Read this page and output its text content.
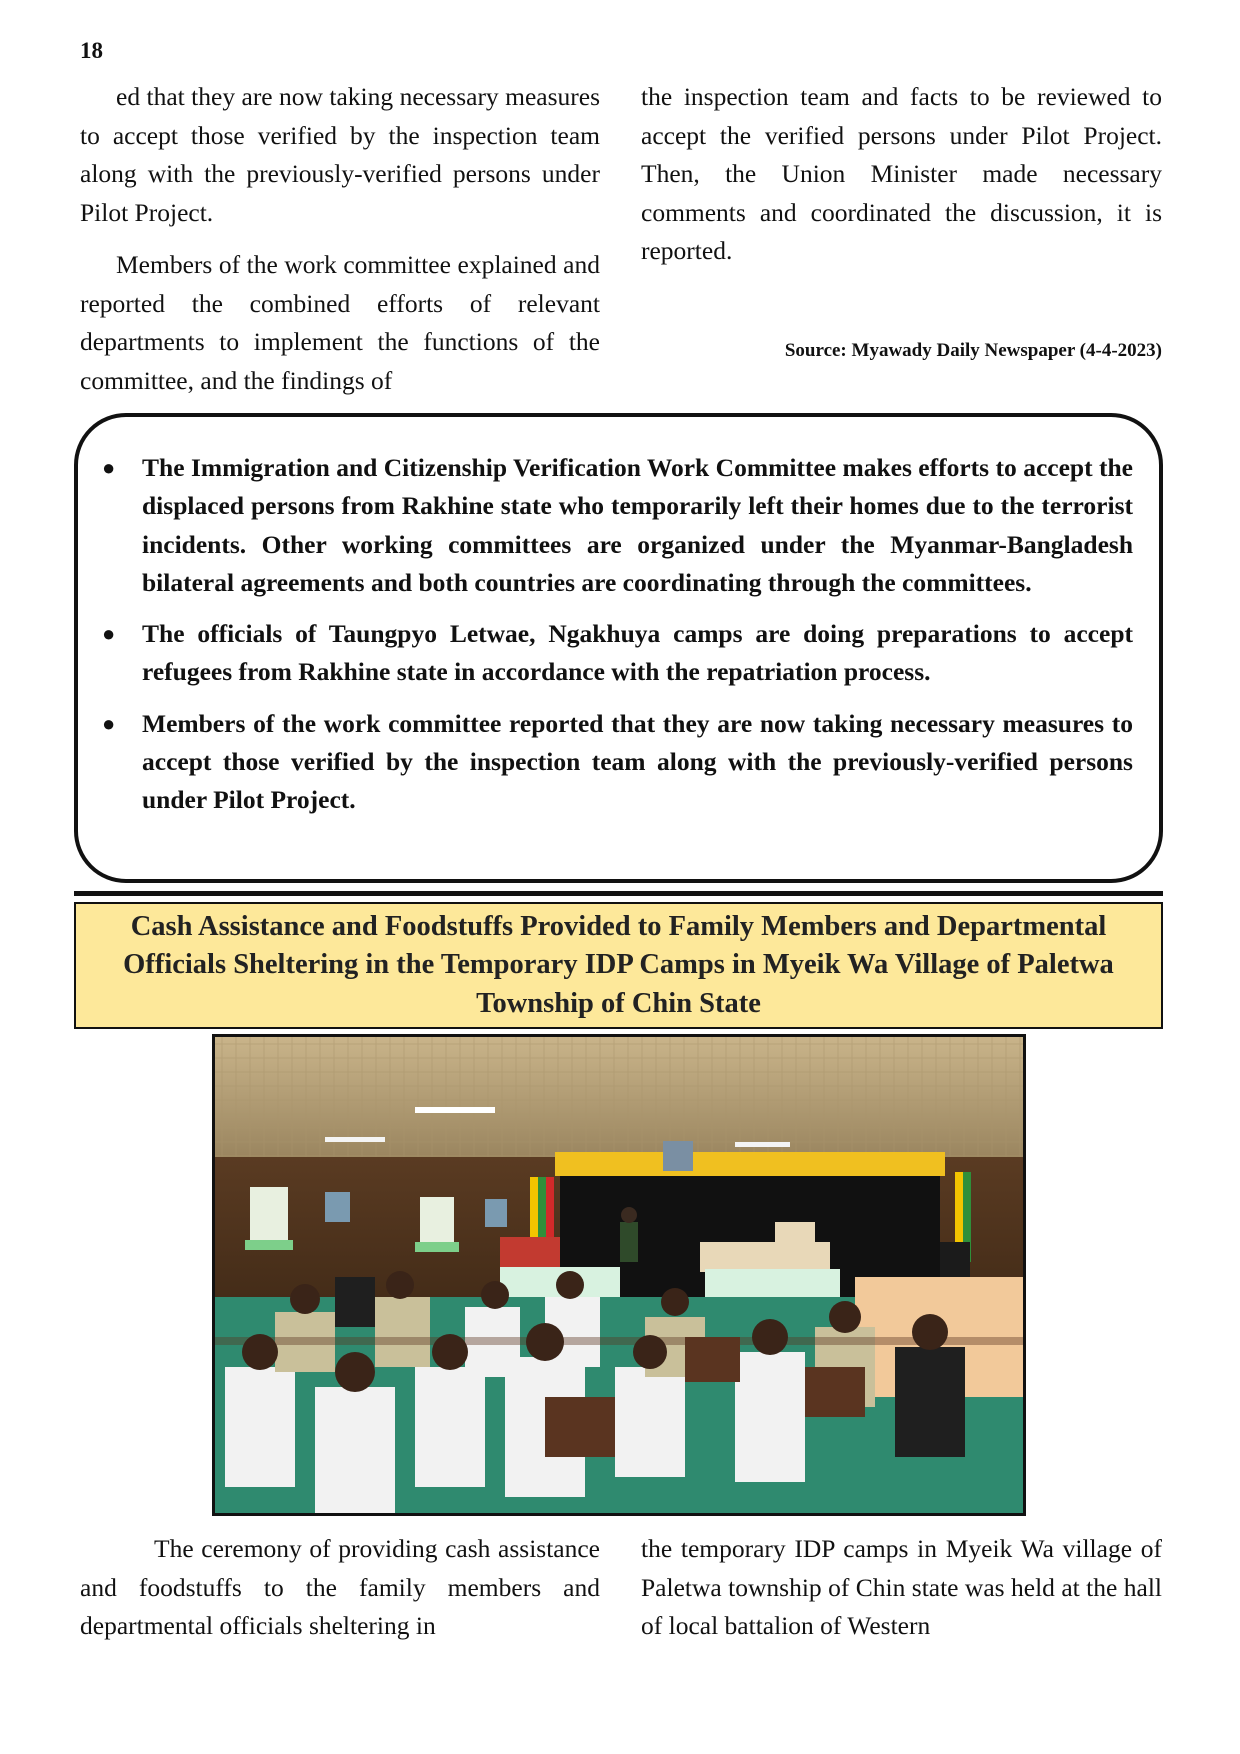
18

ed that they are now taking necessary measures to accept those verified by the inspection team along with the previously-verified persons under Pilot Project.

Members of the work committee explained and reported the combined efforts of relevant departments to implement the functions of the committee, and the findings of

the inspection team and facts to be reviewed to accept the verified persons under Pilot Project. Then, the Union Minister made necessary comments and coordinated the discussion, it is reported.

Source: Myawady Daily Newspaper (4-4-2023)
● The Immigration and Citizenship Verification Work Committee makes efforts to accept the displaced persons from Rakhine state who temporarily left their homes due to the terrorist incidents. Other working committees are organized under the Myanmar-Bangladesh bilateral agreements and both countries are coordinating through the committees.
● The officials of Taungpyo Letwae, Ngakhuya camps are doing preparations to accept refugees from Rakhine state in accordance with the repatriation process.
● Members of the work committee reported that they are now taking necessary measures to accept those verified by the inspection team along with the previously-verified persons under Pilot Project.
Cash Assistance and Foodstuffs Provided to Family Members and Departmental Officials Sheltering in the Temporary IDP Camps in Myeik Wa Village of Paletwa Township of Chin State

The ceremony of providing cash assistance and foodstuffs to the family members and departmental officials sheltering in

the temporary IDP camps in Myeik Wa village of Paletwa township of Chin state was held at the hall of local battalion of Western
